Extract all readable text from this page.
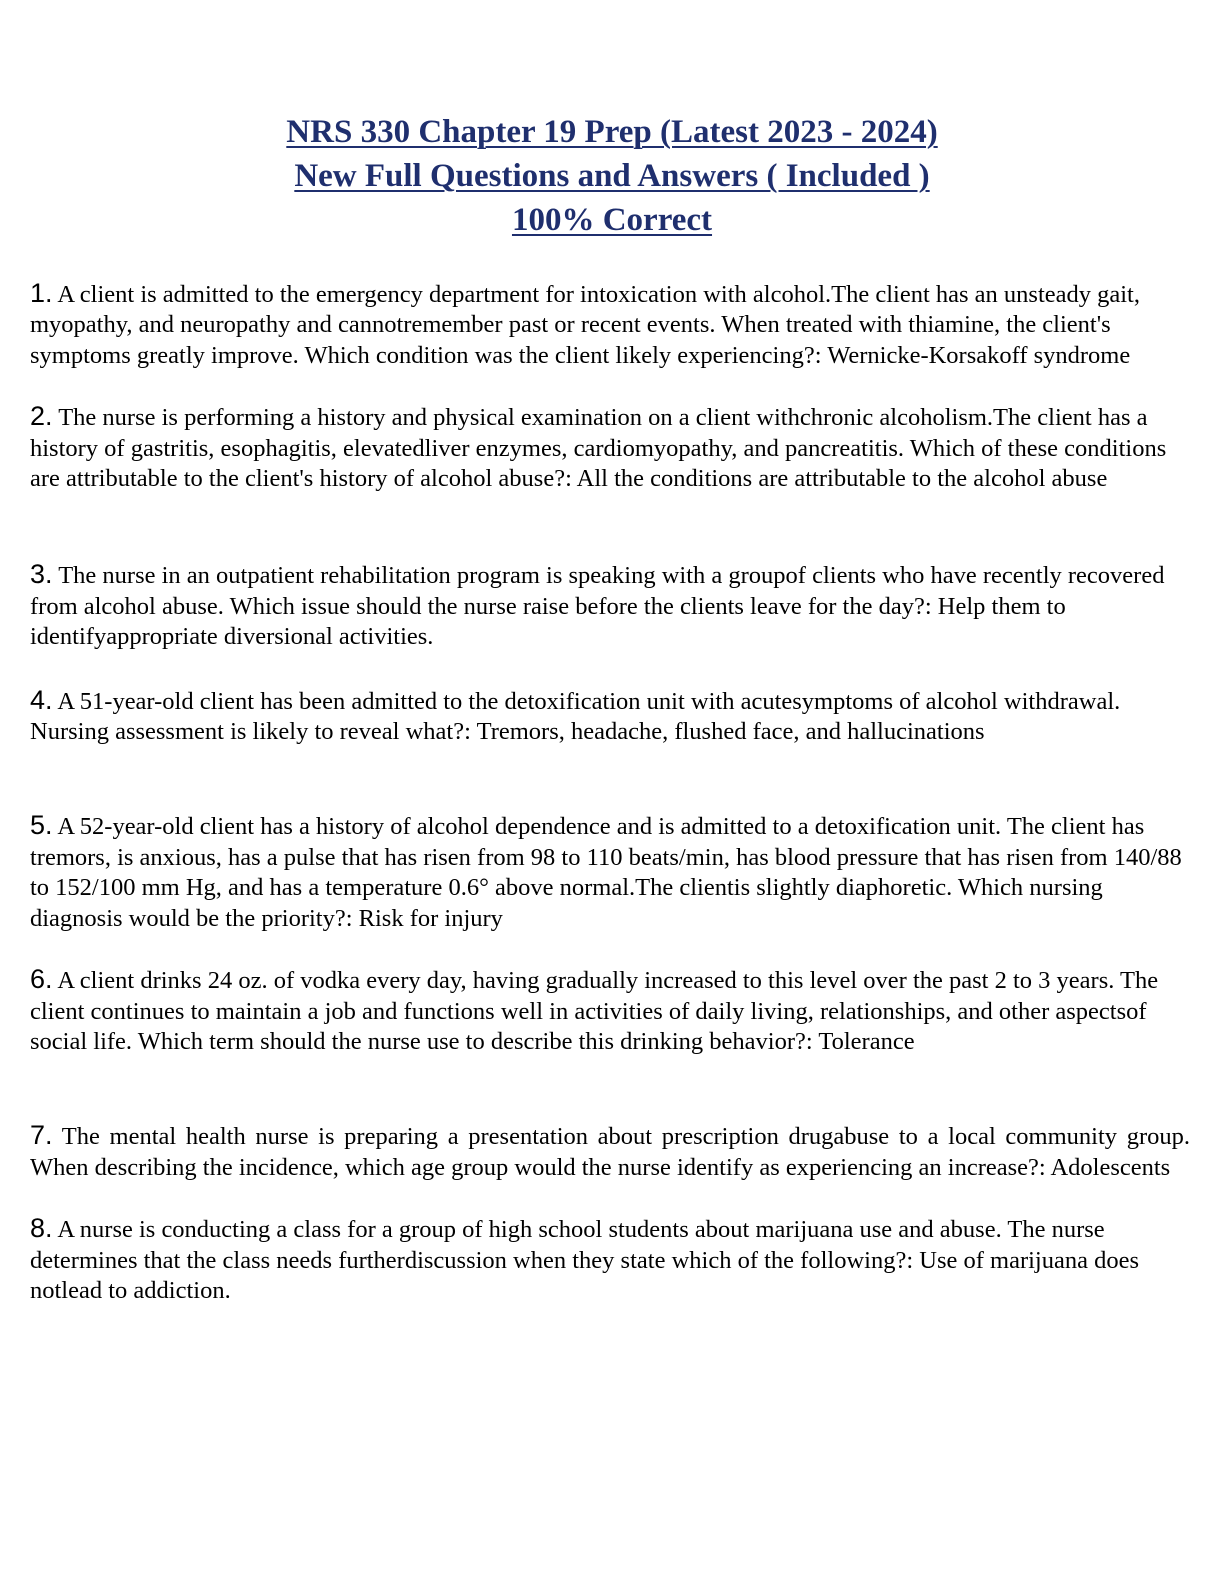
NRS 330 Chapter 19 Prep (Latest 2023 - 2024)
New Full Questions and Answers ( Included )
100% Correct

1. A client is admitted to the emergency department for intoxication with alcohol.The client has an unsteady gait, myopathy, and neuropathy and cannotremember past or recent events. When treated with thiamine, the client's symptoms greatly improve. Which condition was the client likely experiencing?: Wernicke-Korsakoff syndrome

2. The nurse is performing a history and physical examination on a client withchronic alcoholism.The client has a history of gastritis, esophagitis, elevatedliver enzymes, cardiomyopathy, and pancreatitis. Which of these conditions are attributable to the client's history of alcohol abuse?: All the conditions are attributable to the alcohol abuse

3. The nurse in an outpatient rehabilitation program is speaking with a groupof clients who have recently recovered from alcohol abuse. Which issue should the nurse raise before the clients leave for the day?: Help them to identifyappropriate diversional activities.

4. A 51-year-old client has been admitted to the detoxification unit with acutesymptoms of alcohol withdrawal. Nursing assessment is likely to reveal what?: Tremors, headache, flushed face, and hallucinations

5. A 52-year-old client has a history of alcohol dependence and is admitted to a detoxification unit. The client has tremors, is anxious, has a pulse that has risen from 98 to 110 beats/min, has blood pressure that has risen from 140/88 to 152/100 mm Hg, and has a temperature 0.6° above normal.The clientis slightly diaphoretic. Which nursing diagnosis would be the priority?: Risk for injury

6. A client drinks 24 oz. of vodka every day, having gradually increased to this level over the past 2 to 3 years. The client continues to maintain a job and functions well in activities of daily living, relationships, and other aspectsof social life. Which term should the nurse use to describe this drinking behavior?: Tolerance

7. The mental health nurse is preparing a presentation about prescription drugabuse to a local community group. When describing the incidence, which age group would the nurse identify as experiencing an increase?: Adolescents

8. A nurse is conducting a class for a group of high school students about marijuana use and abuse. The nurse determines that the class needs furtherdiscussion when they state which of the following?: Use of marijuana does notlead to addiction.
